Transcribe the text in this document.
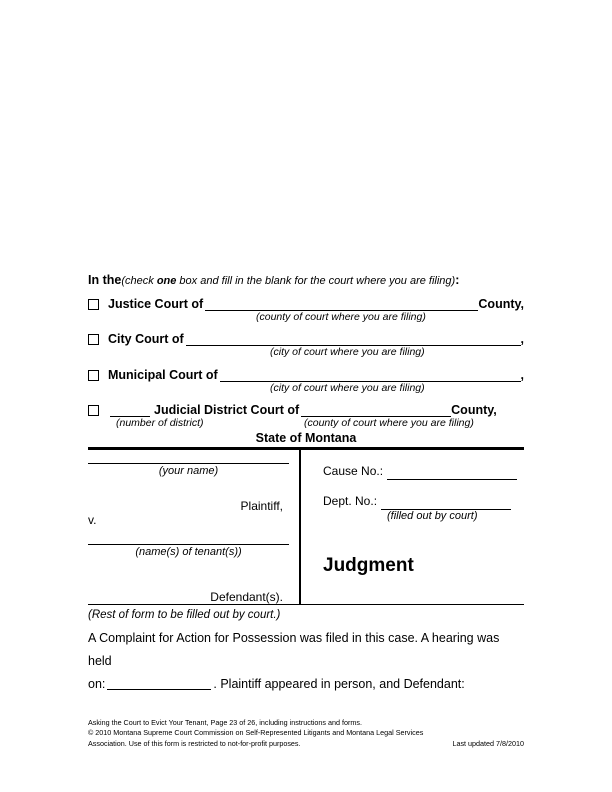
In the(check one box and fill in the blank for the court where you are filing):
Justice Court of	County,
(county of court where you are filing)
City Court of	,
(city of court where you are filing)
Municipal Court of	,
(city of court where you are filing)
Judicial District Court of	County,
(number of district)	(county of court where you are filing)
State of Montana
(your name)
Plaintiff,
v.
(name(s) of tenant(s))
Defendant(s).
Cause No.:
Dept. No.:
(filled out by court)
Judgment
(Rest of form to be filled out by court.)
A Complaint for Action for Possession was filed in this case. A hearing was held
on:	. Plaintiff appeared in person, and Defendant:
Asking the Court to Evict Your Tenant, Page 23 of 26, including instructions and forms.
© 2010 Montana Supreme Court Commission on Self-Represented Litigants and Montana Legal Services
Association. Use of this form is restricted to not-for-profit purposes.	Last updated 7/8/2010
